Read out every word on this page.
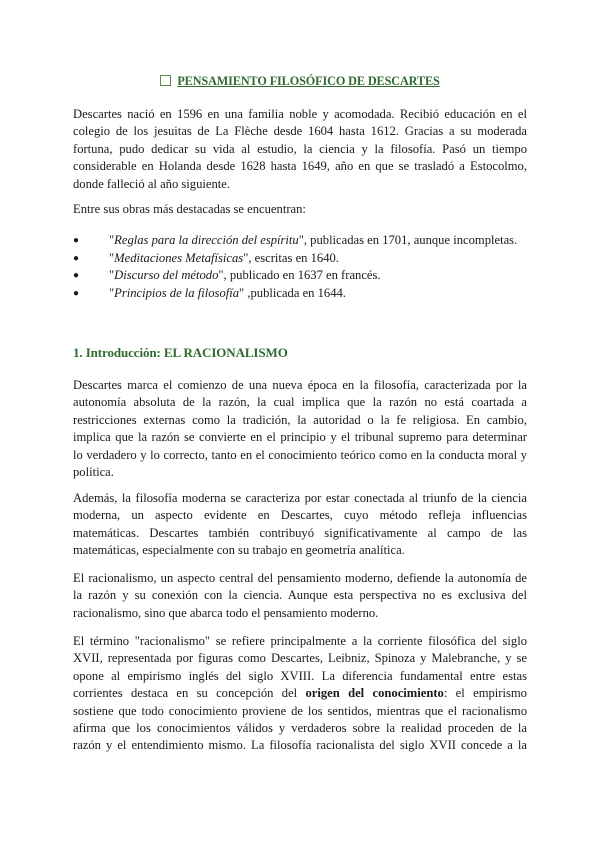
PENSAMIENTO FILOSÓFICO DE DESCARTES
Descartes nació en 1596 en una familia noble y acomodada. Recibió educación en el
colegio de los jesuitas de La Flèche desde 1604 hasta 1612. Gracias a su moderada
fortuna, pudo dedicar su vida al estudio, la ciencia y la filosofía. Pasó un tiempo
considerable en Holanda desde 1628 hasta 1649, año en que se trasladó a Estocolmo,
donde falleció al año siguiente.
Entre sus obras más destacadas se encuentran:
● "Reglas para la dirección del espíritu", publicadas en 1701, aunque incompletas.
● "Meditaciones Metafísicas", escritas en 1640.
● "Discurso del método", publicado en 1637 en francés.
● "Principios de la filosofía" ,publicada en 1644.
1. Introducción: EL RACIONALISMO
Descartes marca el comienzo de una nueva época en la filosofía, caracterizada por la
autonomía absoluta de la razón, la cual implica que la razón no está coartada a
restricciones externas como la tradición, la autoridad o la fe religiosa. En cambio,
implica que la razón se convierte en el principio y el tribunal supremo para determinar
lo verdadero y lo correcto, tanto en el conocimiento teórico como en la conducta moral y
política.
Además, la filosofía moderna se caracteriza por estar conectada al triunfo de la ciencia
moderna, un aspecto evidente en Descartes, cuyo método refleja influencias
matemáticas. Descartes también contribuyó significativamente al campo de las
matemáticas, especialmente con su trabajo en geometría analítica.
El racionalismo, un aspecto central del pensamiento moderno, defiende la autonomía de
la razón y su conexión con la ciencia. Aunque esta perspectiva no es exclusiva del
racionalismo, sino que abarca todo el pensamiento moderno.
El término "racionalismo" se refiere principalmente a la corriente filosófica del siglo
XVII, representada por figuras como Descartes, Leibniz, Spinoza y Malebranche, y se
opone al empirismo inglés del siglo XVIII. La diferencia fundamental entre estas
corrientes destaca en su concepción del origen del conocimiento: el empirismo
sostiene que todo conocimiento proviene de los sentidos, mientras que el racionalismo
afirma que los conocimientos válidos y verdaderos sobre la realidad proceden de la
razón y el entendimiento mismo. La filosofía racionalista del siglo XVII concede a la
